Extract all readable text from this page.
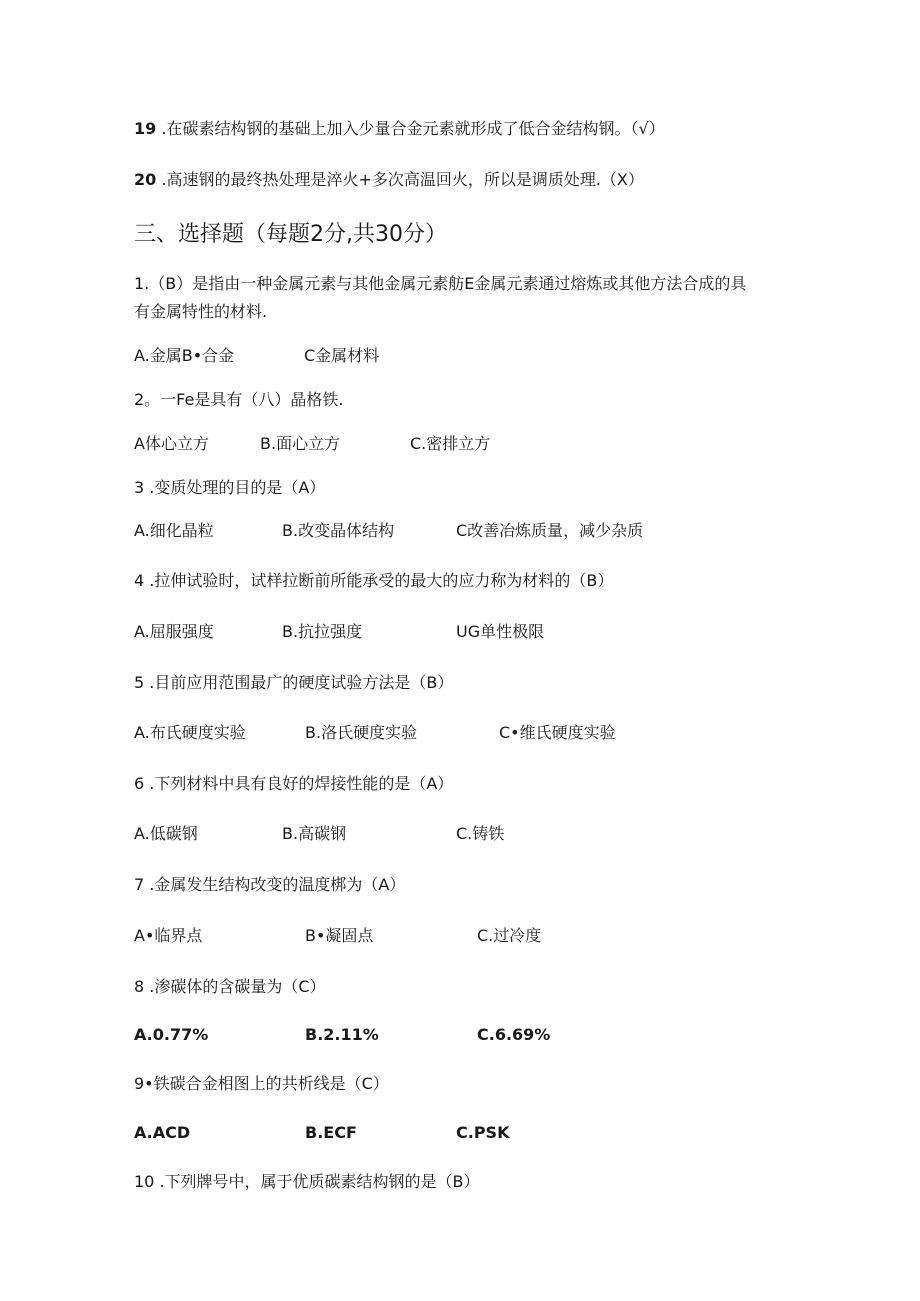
19 .在碳素结构钢的基础上加入少量合金元素就形成了低合金结构钢。（√）
20 .高速钢的最终热处理是淬火+多次高温回火，所以是调质处理.（X）
三、选择题（每题2分,共30分）
1.（B）是指由一种金属元素与其他金属元素舫E金属元素通过熔炼或其他方法合成的具
有金属特性的材料.
A.金属B•合金	C金属材料
2。一Fe是具有（八）晶格铁.
A体心立方	B.面心立方	C.密排立方
3 .变质处理的目的是（A）
A.细化晶粒	B.改变晶体结构	C改善冶炼质量，减少杂质
4 .拉伸试验时，试样拉断前所能承受的最大的应力称为材料的（B）
A.屈服强度	B.抗拉强度	UG单性极限
5 .目前应用范围最广的硬度试验方法是（B）
A.布氏硬度实验	B.洛氏硬度实验	C•维氏硬度实验
6 .下列材料中具有良好的焊接性能的是（A）
A.低碳钢	B.高碳钢	C.铸铁
7 .金属发生结构改变的温度梆为（A）
A•临界点	B•凝固点	C.过冷度
8 .渗碳体的含碳量为（C）
A.0.77%	B.2.11%	C.6.69%
9•铁碳合金相图上的共析线是（C）
A.ACD	B.ECF	C.PSK
10 .下列牌号中，属于优质碳素结构钢的是（B）
